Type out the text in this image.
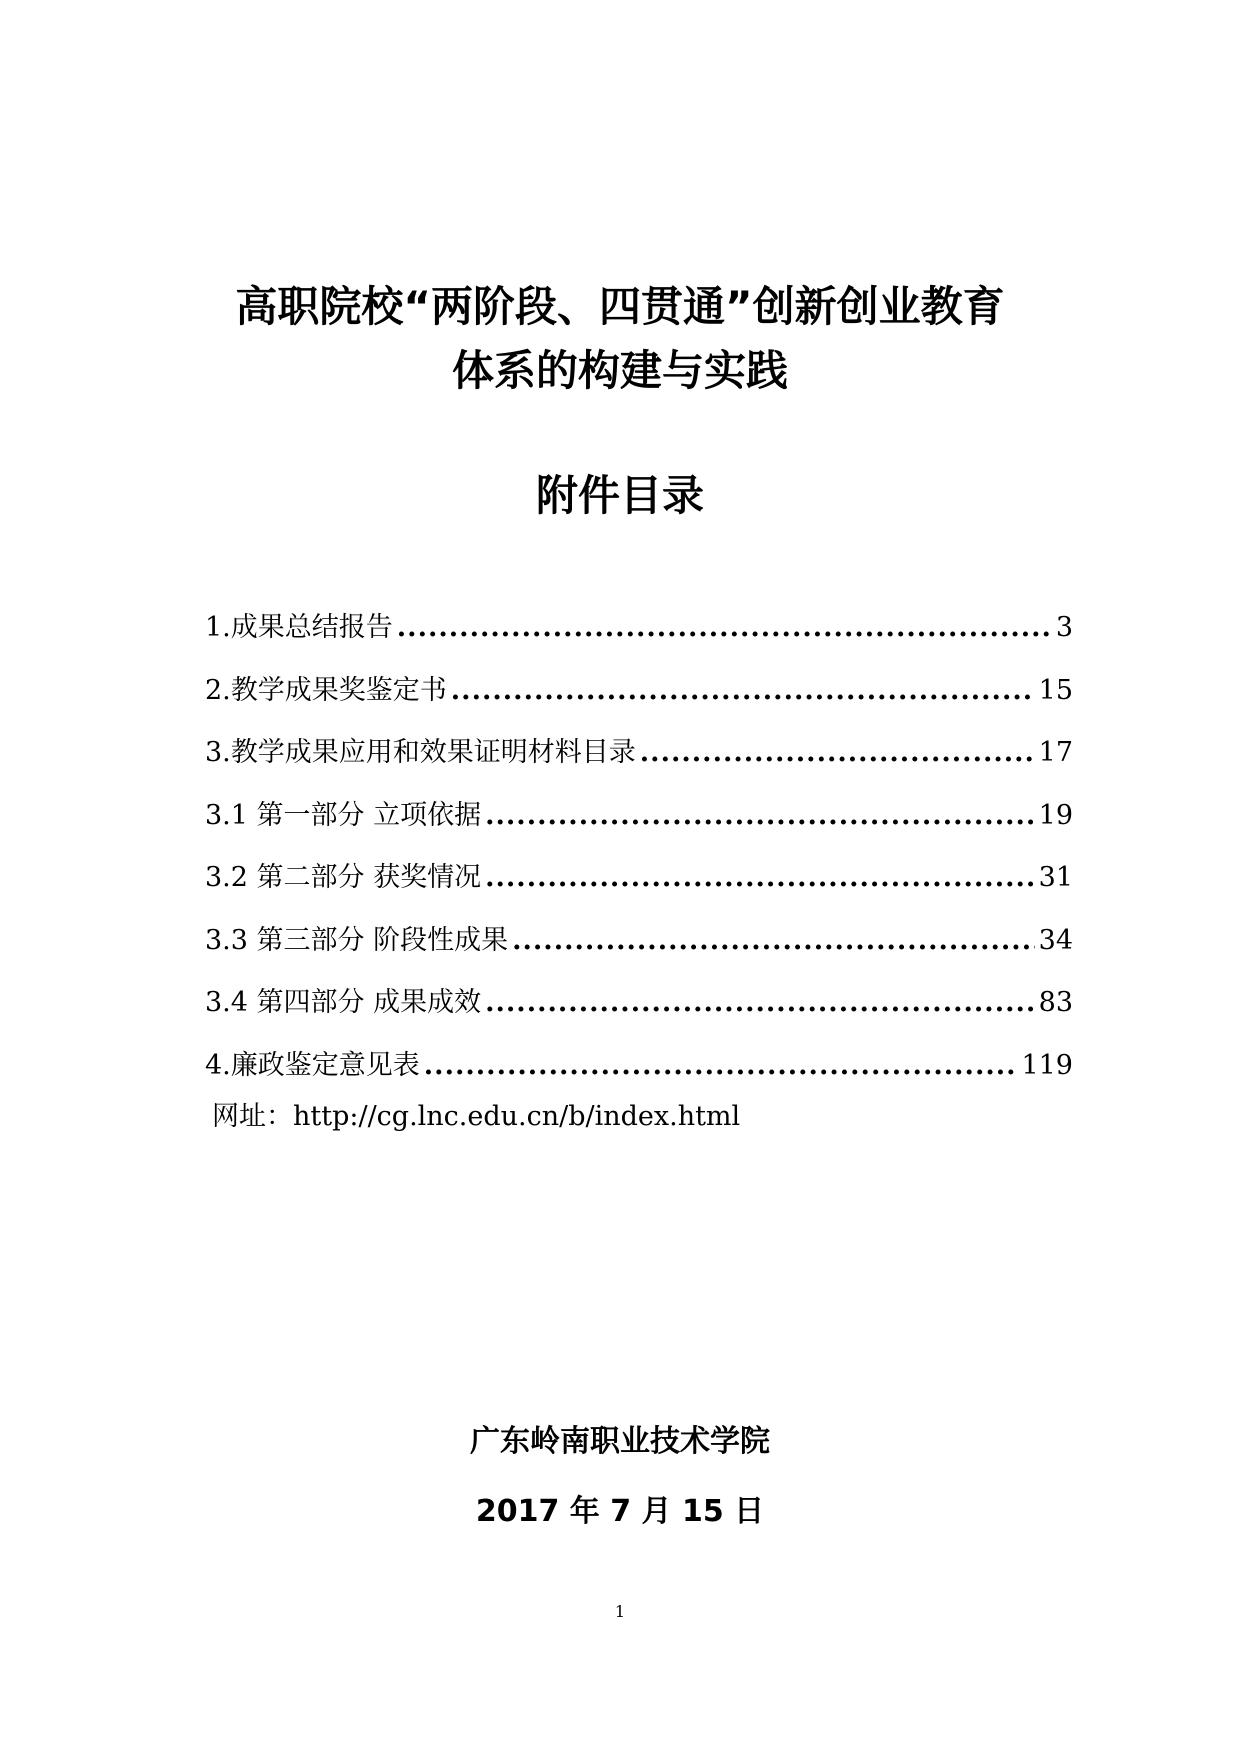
高职院校“两阶段、四贯通”创新创业教育
体系的构建与实践
附件目录
1.成果总结报告 .....	3
2.教学成果奖鉴定书 .....	15
3.教学成果应用和效果证明材料目录 .....	17
3.1 第一部分 立项依据 .....	19
3.2 第二部分 获奖情况 .....	31
3.3 第三部分 阶段性成果 .....	34
3.4 第四部分 成果成效 .....	83
4.廉政鉴定意见表 .....	119
网址：http://cg.lnc.edu.cn/b/index.html
广东岭南职业技术学院
2017 年 7 月 15 日
1
